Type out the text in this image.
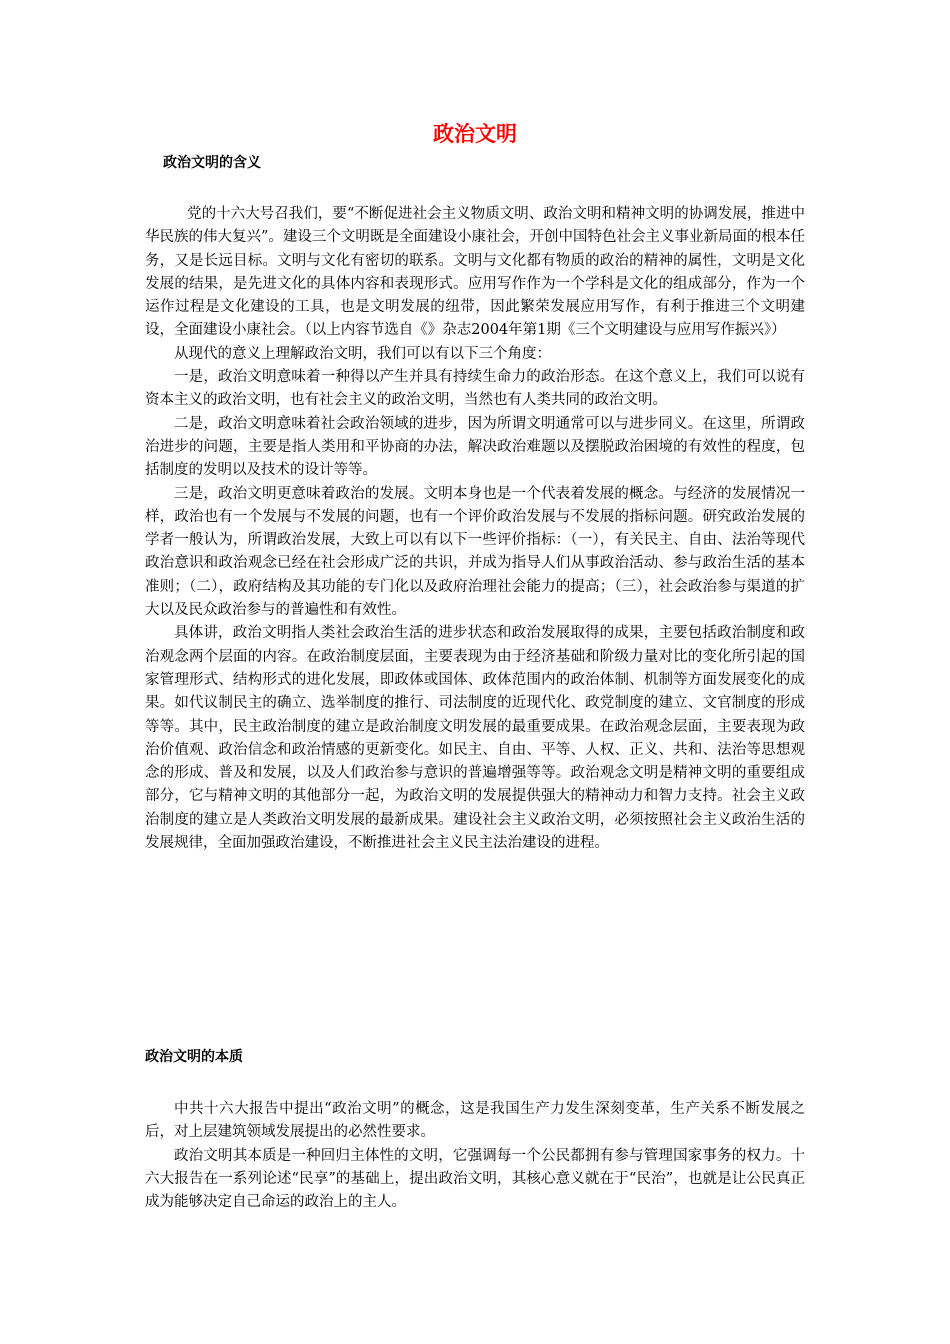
政治文明
政治文明的含义

党的十六大号召我们，要“不断促进社会主义物质文明、政治文明和精神文明的协调发展，推进中华民族的伟大复兴”。建设三个文明既是全面建设小康社会，开创中国特色社会主义事业新局面的根本任务，又是长远目标。文明与文化有密切的联系。文明与文化都有物质的政治的精神的属性，文明是文化发展的结果，是先进文化的具体内容和表现形式。应用写作作为一个学科是文化的组成部分，作为一个运作过程是文化建设的工具，也是文明发展的纽带，因此繁荣发展应用写作，有利于推进三个文明建设，全面建设小康社会。（以上内容节选自《》杂志2004年第1期《三个文明建设与应用写作振兴》）

从现代的意义上理解政治文明，我们可以有以下三个角度：

一是，政治文明意味着一种得以产生并具有持续生命力的政治形态。在这个意义上，我们可以说有资本主义的政治文明，也有社会主义的政治文明，当然也有人类共同的政治文明。

二是，政治文明意味着社会政治领域的进步，因为所谓文明通常可以与进步同义。在这里，所谓政治进步的问题，主要是指人类用和平协商的办法，解决政治难题以及摆脱政治困境的有效性的程度，包括制度的发明以及技术的设计等等。

三是，政治文明更意味着政治的发展。文明本身也是一个代表着发展的概念。与经济的发展情况一样，政治也有一个发展与不发展的问题，也有一个评价政治发展与不发展的指标问题。研究政治发展的学者一般认为，所谓政治发展，大致上可以有以下一些评价指标：（一），有关民主、自由、法治等现代政治意识和政治观念已经在社会形成广泛的共识，并成为指导人们从事政治活动、参与政治生活的基本准则；（二），政府结构及其功能的专门化以及政府治理社会能力的提高；（三），社会政治参与渠道的扩大以及民众政治参与的普遍性和有效性。

具体讲，政治文明指人类社会政治生活的进步状态和政治发展取得的成果，主要包括政治制度和政治观念两个层面的内容。在政治制度层面，主要表现为由于经济基础和阶级力量对比的变化所引起的国家管理形式、结构形式的进化发展，即政体或国体、政体范围内的政治体制、机制等方面发展变化的成果。如代议制民主的确立、选举制度的推行、司法制度的近现代化、政党制度的建立、文官制度的形成等等。其中，民主政治制度的建立是政治制度文明发展的最重要成果。在政治观念层面，主要表现为政治价值观、政治信念和政治情感的更新变化。如民主、自由、平等、人权、正义、共和、法治等思想观念的形成、普及和发展，以及人们政治参与意识的普遍增强等等。政治观念文明是精神文明的重要组成部分，它与精神文明的其他部分一起，为政治文明的发展提供强大的精神动力和智力支持。社会主义政治制度的建立是人类政治文明发展的最新成果。建设社会主义政治文明，必须按照社会主义政治生活的发展规律，全面加强政治建设，不断推进社会主义民主法治建设的进程。

政治文明的本质

中共十六大报告中提出“政治文明”的概念，这是我国生产力发生深刻变革，生产关系不断发展之后，对上层建筑领域发展提出的必然性要求。

政治文明其本质是一种回归主体性的文明，它强调每一个公民都拥有参与管理国家事务的权力。十六大报告在一系列论述“民享”的基础上，提出政治文明，其核心意义就在于“民治”，也就是让公民真正成为能够决定自己命运的政治上的主人。
